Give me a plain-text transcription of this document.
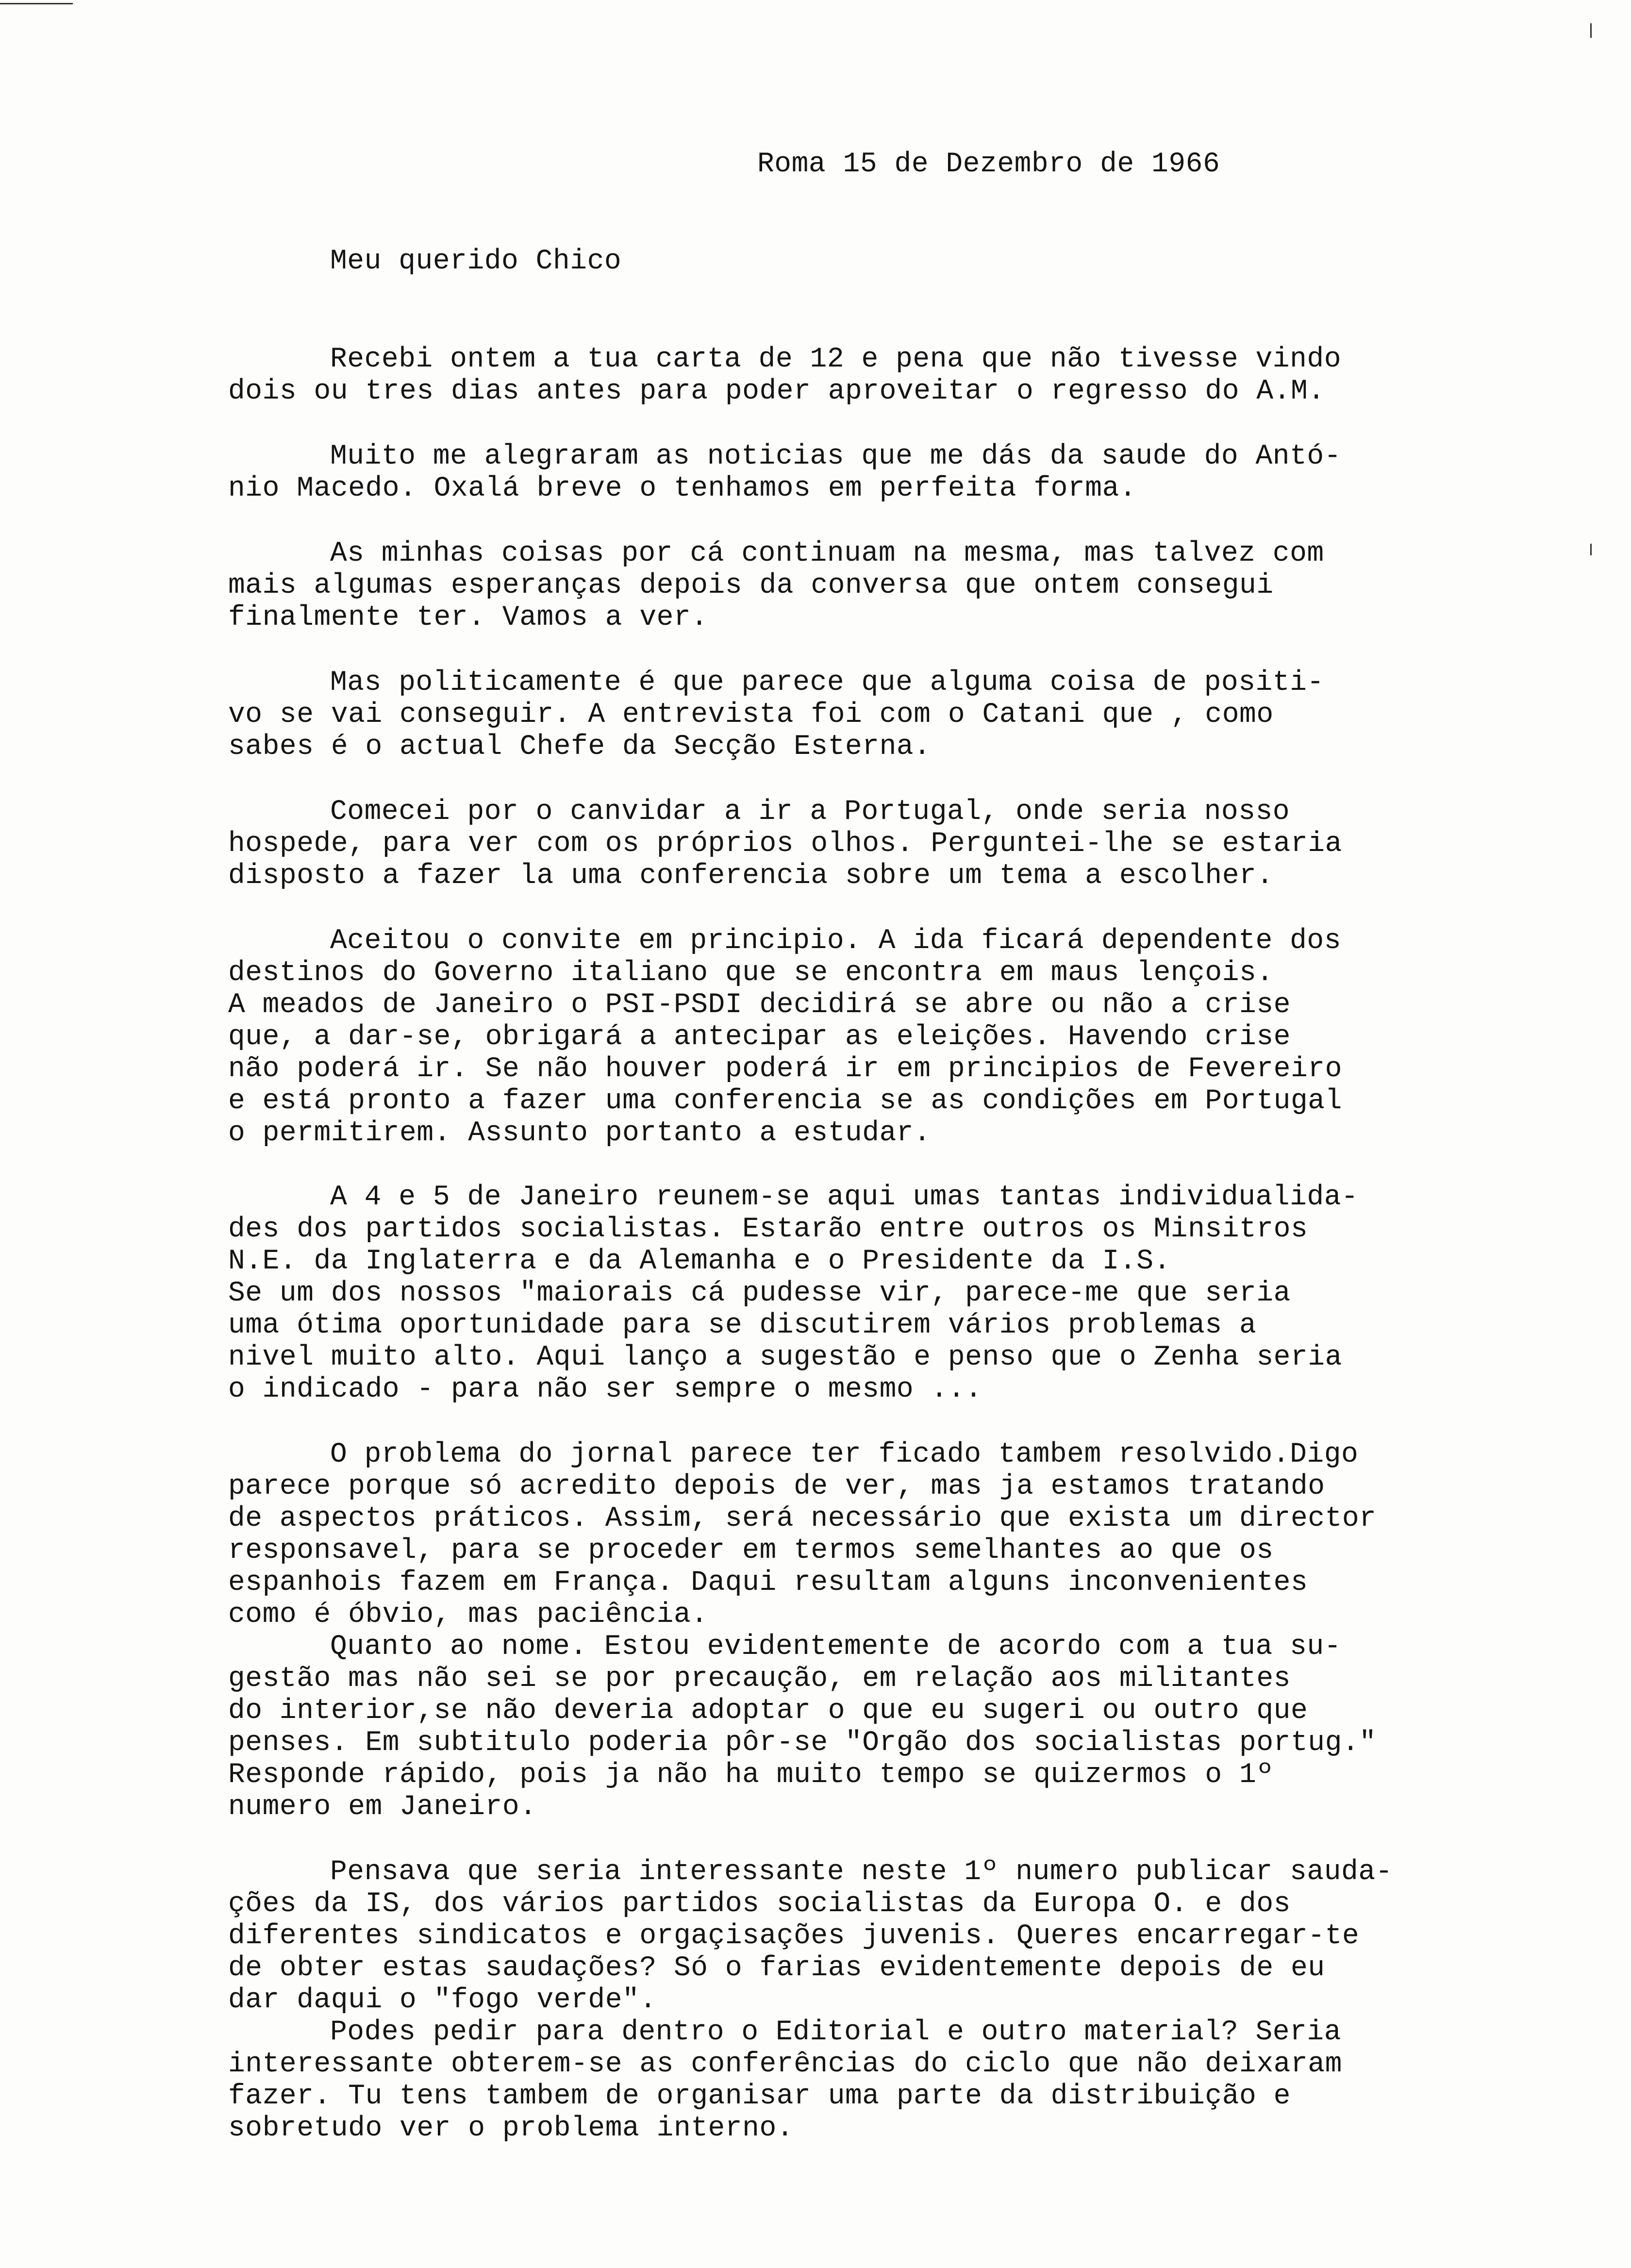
Roma 15 de Dezembro de 1966
Meu querido Chico
Recebi ontem a tua carta de 12 e pena que não tivesse vindo
dois ou tres dias antes para poder aproveitar o regresso do A.M.
Muito me alegraram as noticias que me dás da saude do Antó-
nio Macedo. Oxalá breve o tenhamos em perfeita forma.
As minhas coisas por cá continuam na mesma, mas talvez com
mais algumas esperanças depois da conversa que ontem consegui
finalmente ter. Vamos a ver.
Mas politicamente é que parece que alguma coisa de positi-
vo se vai conseguir. A entrevista foi com o Catani que , como
sabes é o actual Chefe da Secção Esterna.
Comecei por o canvidar a ir a Portugal, onde seria nosso
hospede, para ver com os próprios olhos. Perguntei-lhe se estaria
disposto a fazer la uma conferencia sobre um tema a escolher.
Aceitou o convite em principio. A ida ficará dependente dos
destinos do Governo italiano que se encontra em maus lençois.
A meados de Janeiro o PSI-PSDI decidirá se abre ou não a crise
que, a dar-se, obrigará a antecipar as eleições. Havendo crise
não poderá ir. Se não houver poderá ir em principios de Fevereiro
e está pronto a fazer uma conferencia se as condições em Portugal
o permitirem. Assunto portanto a estudar.
A 4 e 5 de Janeiro reunem-se aqui umas tantas individualida-
des dos partidos socialistas. Estarão entre outros os Minsitros
N.E. da Inglaterra e da Alemanha e o Presidente da I.S.
Se um dos nossos "maiorais cá pudesse vir, parece-me que seria
uma ótima oportunidade para se discutirem vários problemas a
nivel muito alto. Aqui lanço a sugestão e penso que o Zenha seria
o indicado - para não ser sempre o mesmo ...
O problema do jornal parece ter ficado tambem resolvido.Digo
parece porque só acredito depois de ver, mas ja estamos tratando
de aspectos práticos. Assim, será necessário que exista um director
responsavel, para se proceder em termos semelhantes ao que os
espanhois fazem em França. Daqui resultam alguns inconvenientes
como é óbvio, mas paciência.
Quanto ao nome. Estou evidentemente de acordo com a tua su-
gestão mas não sei se por precaução, em relação aos militantes
do interior,se não deveria adoptar o que eu sugeri ou outro que
penses. Em subtitulo poderia pôr-se "Orgão dos socialistas portug."
Responde rápido, pois ja não ha muito tempo se quizermos o 1º
numero em Janeiro.
Pensava que seria interessante neste 1º numero publicar sauda-
ções da IS, dos vários partidos socialistas da Europa O. e dos
diferentes sindicatos e orgaçisações juvenis. Queres encarregar-te
de obter estas saudações? Só o farias evidentemente depois de eu
dar daqui o "fogo verde".
Podes pedir para dentro o Editorial e outro material? Seria
interessante obterem-se as conferências do ciclo que não deixaram
fazer. Tu tens tambem de organisar uma parte da distribuição e
sobretudo ver o problema interno.
